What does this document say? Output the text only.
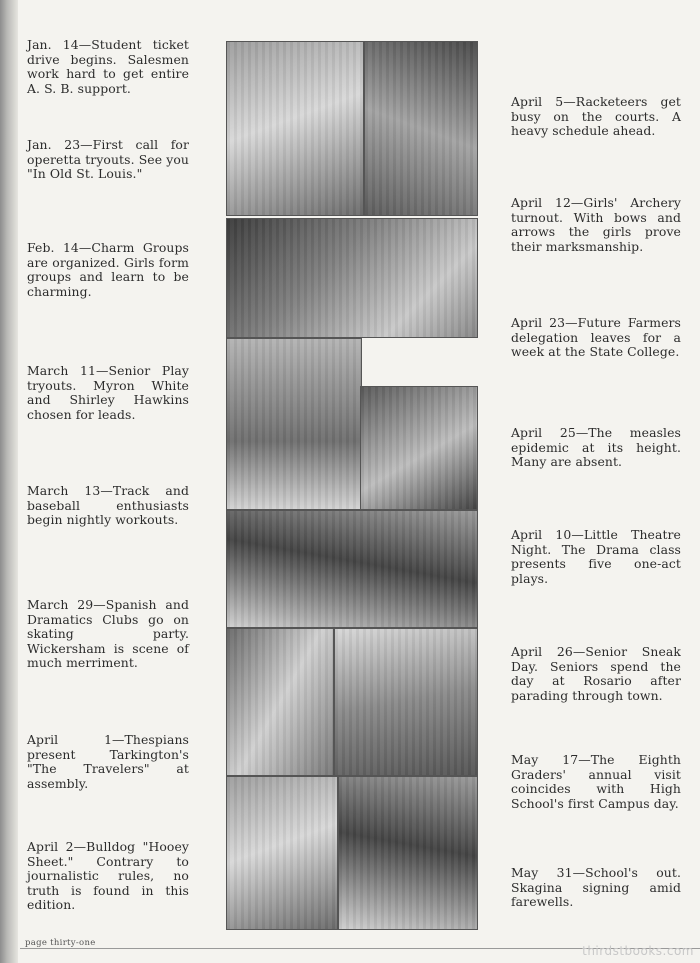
Jan. 14—Student ticket drive begins. Salesmen work hard to get entire A. S. B. support.
Jan. 23—First call for operetta tryouts. See you "In Old St. Louis."
Feb. 14—Charm Groups are organized. Girls form groups and learn to be charming.
March 11—Senior Play tryouts. Myron White and Shirley Hawkins chosen for leads.
March 13—Track and baseball enthusiasts begin nightly workouts.
March 29—Spanish and Dramatics Clubs go on skating party. Wickersham is scene of much merriment.
April 1—Thespians present Tarkington's "The Travelers" at assembly.
April 2—Bulldog "Hooey Sheet." Contrary to journalistic rules, no truth is found in this edition.
April 5—Racketeers get busy on the courts. A heavy schedule ahead.
April 12—Girls' Archery turnout. With bows and arrows the girls prove their marksmanship.
April 23—Future Farmers delegation leaves for a week at the State College.
April 25—The measles epidemic at its height. Many are absent.
April 10—Little Theatre Night. The Drama class presents five one-act plays.
April 26—Senior Sneak Day. Seniors spend the day at Rosario after parading through town.
May 17—The Eighth Graders' annual visit coincides with High School's first Campus day.
May 31—School's out. Skagina signing amid farewells.
page thirty-one
thirdstbooks.com
